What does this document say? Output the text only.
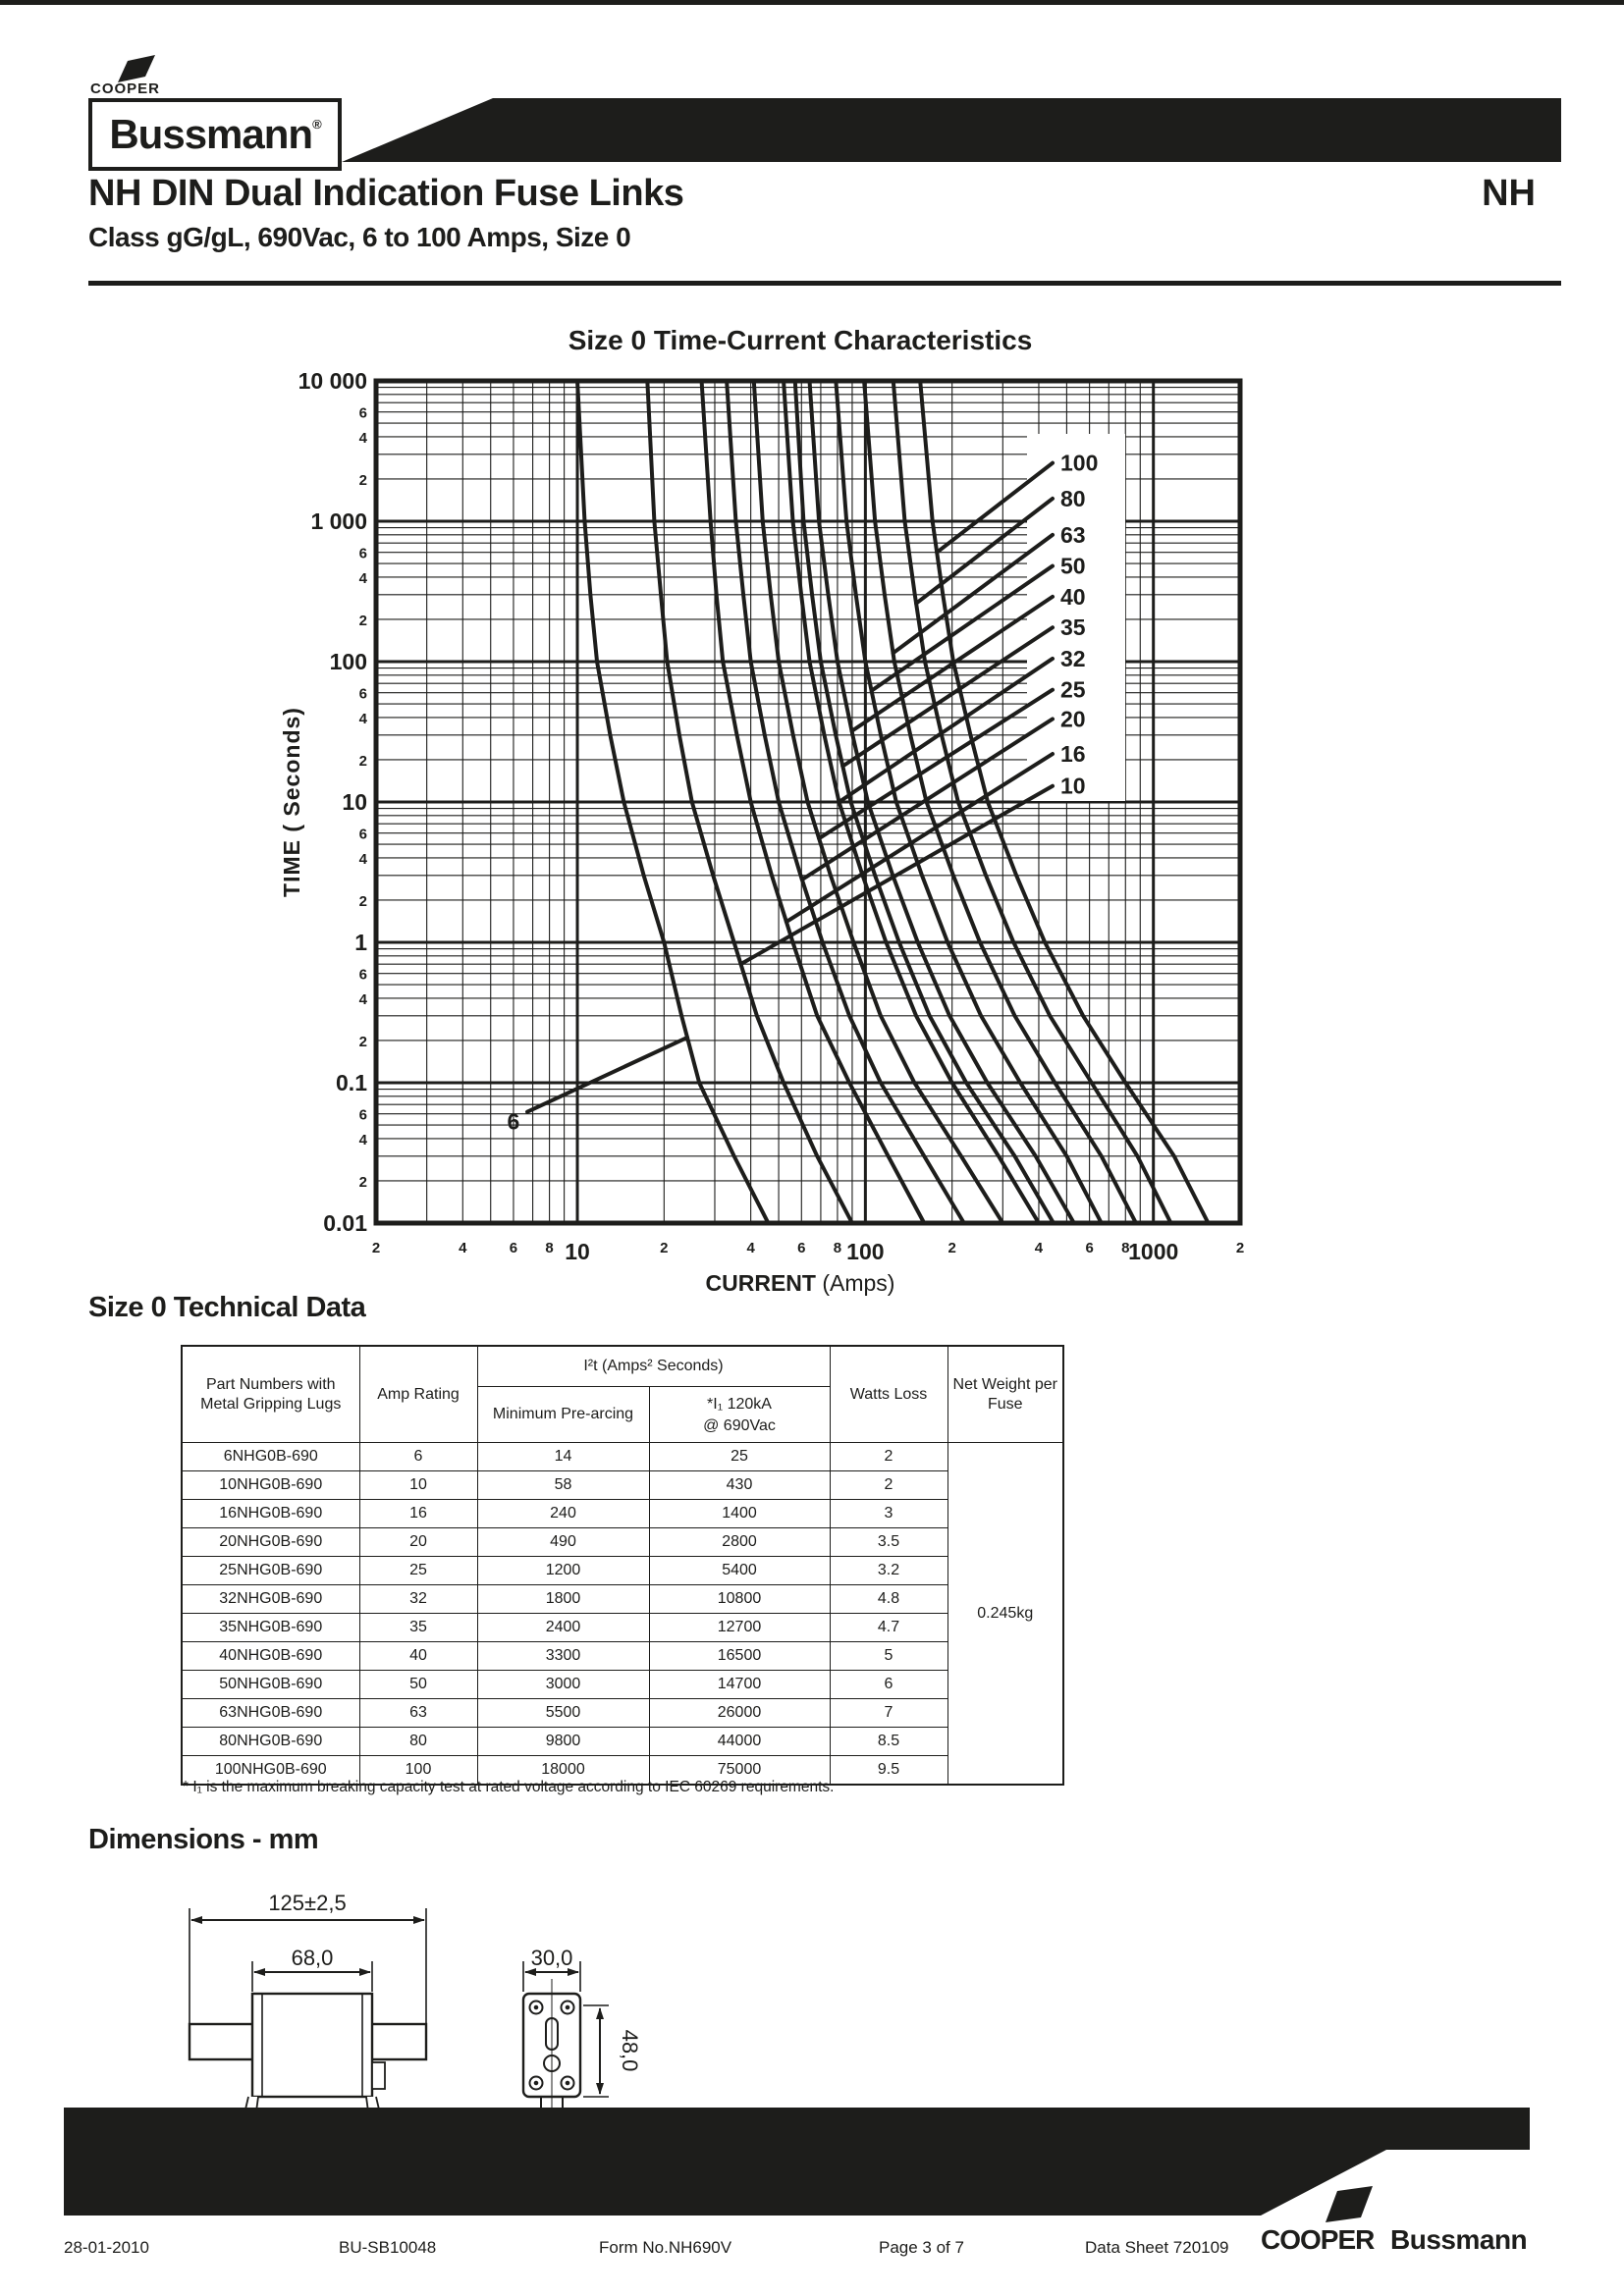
COOPER
Bussmann®
NH DIN Dual Indication Fuse Links	NH
Class gG/gL, 690Vac, 6 to 100 Amps, Size 0
Size 0 Time-Current Characteristics
10 000
1 000
100
10
1
0.1
0.01
6
4
2
6
4
2
6
4
2
6
4
2
6
4
2
6
4
2
10	100	1000
2	2
4	6 8	2	4	6 8	2	4	6 8
TIME ( Seconds)
CURRENT (Amps)
6
10
16
20
25
32
35
40
50
63
80
100
Size 0 Technical Data
Part Numbers with Metal Gripping Lugs	Amp Rating	I²t (Amps² Seconds)		Watts Loss	Net Weight per Fuse
		Minimum Pre-arcing	*I₁ 120kA		
			@ 690Vac		
6NHG0B-690	6	14	25	2	0.245kg
10NHG0B-690	10	58	430	2	
16NHG0B-690	16	240	1400	3	
20NHG0B-690	20	490	2800	3.5	
25NHG0B-690	25	1200	5400	3.2	
32NHG0B-690	32	1800	10800	4.8	
35NHG0B-690	35	2400	12700	4.7	
40NHG0B-690	40	3300	16500	5	
50NHG0B-690	50	3000	14700	6	
63NHG0B-690	63	5500	26000	7	
80NHG0B-690	80	9800	44000	8.5	
100NHG0B-690	100	18000	75000	9.5	
* I₁ is the maximum breaking capacity test at rated voltage according to IEC 60269 requirements.
Dimensions - mm
125±2,5
68,0	30,0
48,0
28-01-2010	BU-SB10048	Form No.NH690V	Page 3 of 7	Data Sheet 720109 COOPER Bussmann
